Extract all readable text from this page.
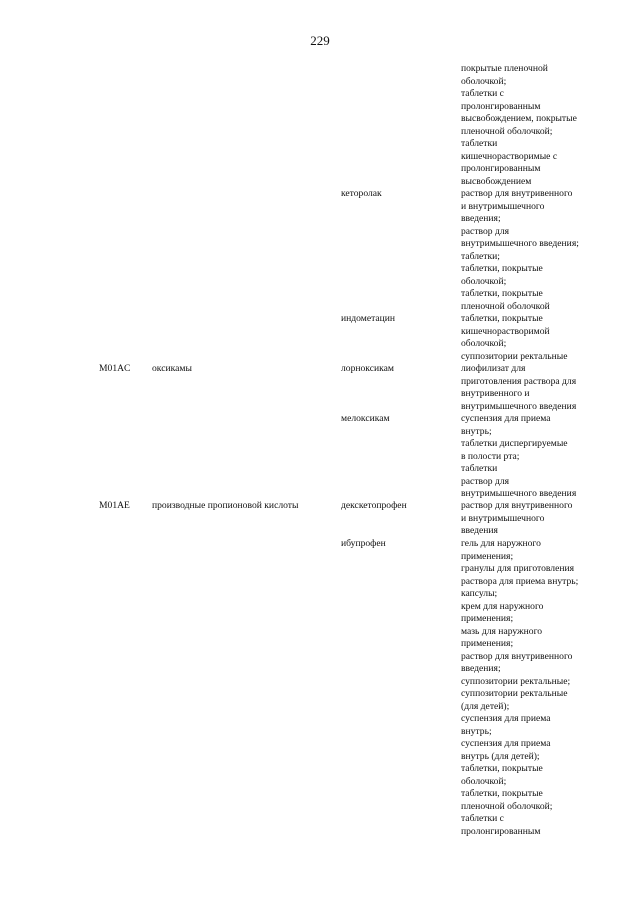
229
покрытые пленочной
оболочкой;
таблетки с
пролонгированным
высвобождением, покрытые
пленочной оболочкой;
таблетки
кишечнорастворимые с
пролонгированным
высвобождением
кеторолак	раствор для внутривенного
и внутримышечного
введения;
раствор для
внутримышечного введения;
таблетки;
таблетки, покрытые
оболочкой;
таблетки, покрытые
пленочной оболочкой
индометацин	таблетки, покрытые
кишечнорастворимой
оболочкой;
суппозитории ректальные
M01AC	оксикамы	лорноксикам	лиофилизат для
приготовления раствора для
внутривенного и
внутримышечного введения
мелоксикам	суспензия для приема
внутрь;
таблетки диспергируемые
в полости рта;
таблетки
раствор для
внутримышечного введения
M01AE	производные пропионовой кислоты	декскетопрофен	раствор для внутривенного
и внутримышечного
введения
ибупрофен	гель для наружного
применения;
гранулы для приготовления
раствора для приема внутрь;
капсулы;
крем для наружного
применения;
мазь для наружного
применения;
раствор для внутривенного
введения;
суппозитории ректальные;
суппозитории ректальные
(для детей);
суспензия для приема
внутрь;
суспензия для приема
внутрь (для детей);
таблетки, покрытые
оболочкой;
таблетки, покрытые
пленочной оболочкой;
таблетки с
пролонгированным
